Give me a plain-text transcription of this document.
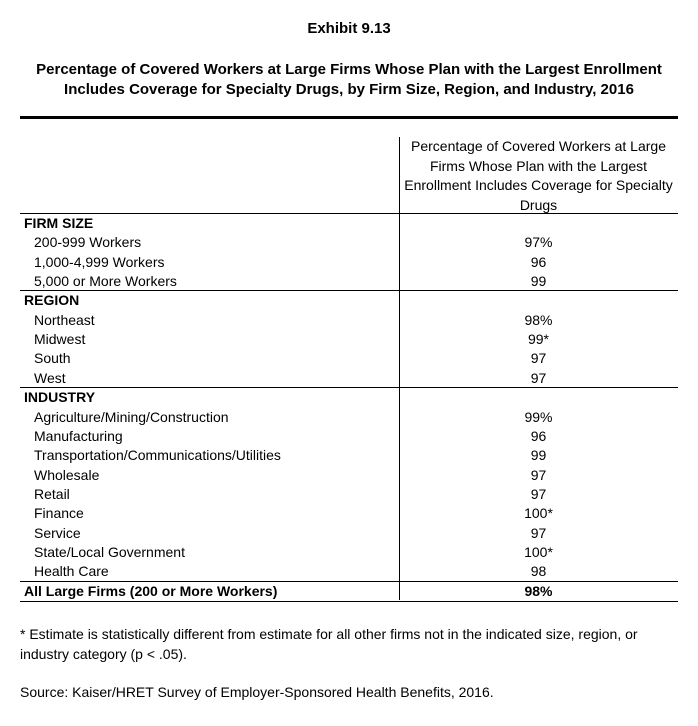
Exhibit 9.13
Percentage of Covered Workers at Large Firms Whose Plan with the Largest Enrollment Includes Coverage for Specialty Drugs, by Firm Size, Region, and Industry, 2016
Percentage of Covered Workers at Large Firms Whose Plan with the Largest Enrollment Includes Coverage for Specialty Drugs
FIRM SIZE
200-999 Workers	97%
1,000-4,999 Workers	96
5,000 or More Workers	99
REGION
Northeast	98%
Midwest	99*
South	97
West	97
INDUSTRY
Agriculture/Mining/Construction	99%
Manufacturing	96
Transportation/Communications/Utilities	99
Wholesale	97
Retail	97
Finance	100*
Service	97
State/Local Government	100*
Health Care	98
All Large Firms (200 or More Workers)	98%
* Estimate is statistically different from estimate for all other firms not in the indicated size, region, or industry category (p < .05).
Source: Kaiser/HRET Survey of Employer-Sponsored Health Benefits, 2016.
